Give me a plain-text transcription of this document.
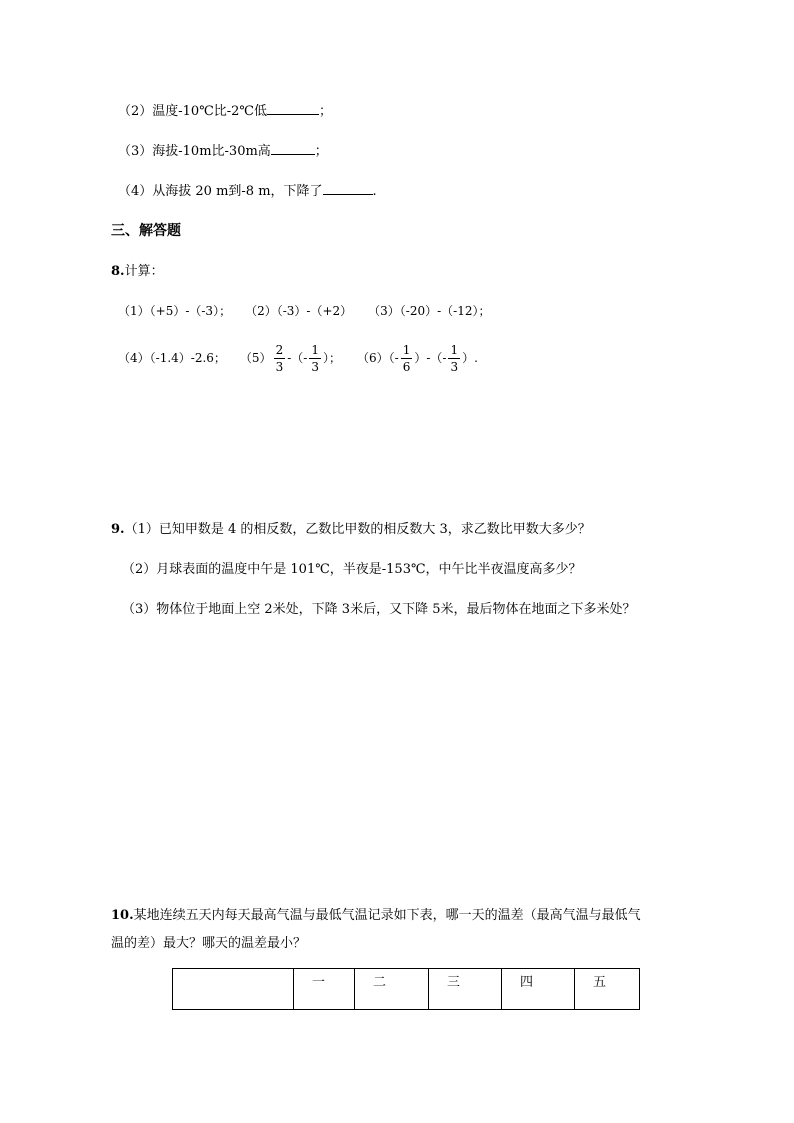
（2）温度-10℃比-2℃低	；
（3）海拔-10m比-30m高	；
（4）从海拔 20 m到-8 m，下降了	.
三、解答题
8.计算：
（1）（+5）-（-3）； （2）（-3）-（+2） （3）（-20）-（-12）；
（4）（-1.4）-2.6； $(5) \frac{2}{3}$ -（- $\frac{1}{3}$ ）； $(6)(- \frac{1}{6}$ ）-（- $\frac{1}{3}$ ）.
9.（1）已知甲数是 4 的相反数，乙数比甲数的相反数大 3，求乙数比甲数大多少？
（2）月球表面的温度中午是 101℃，半夜是-153℃，中午比半夜温度高多少？
（3）物体位于地面上空 2米处，下降 3米后，又下降 5米，最后物体在地面之下多米处？
10.某地连续五天内每天最高气温与最低气温记录如下表，哪一天的温差（最高气温与最低气
温的差）最大？哪天的温差最小？
	一	二	三	四	五
